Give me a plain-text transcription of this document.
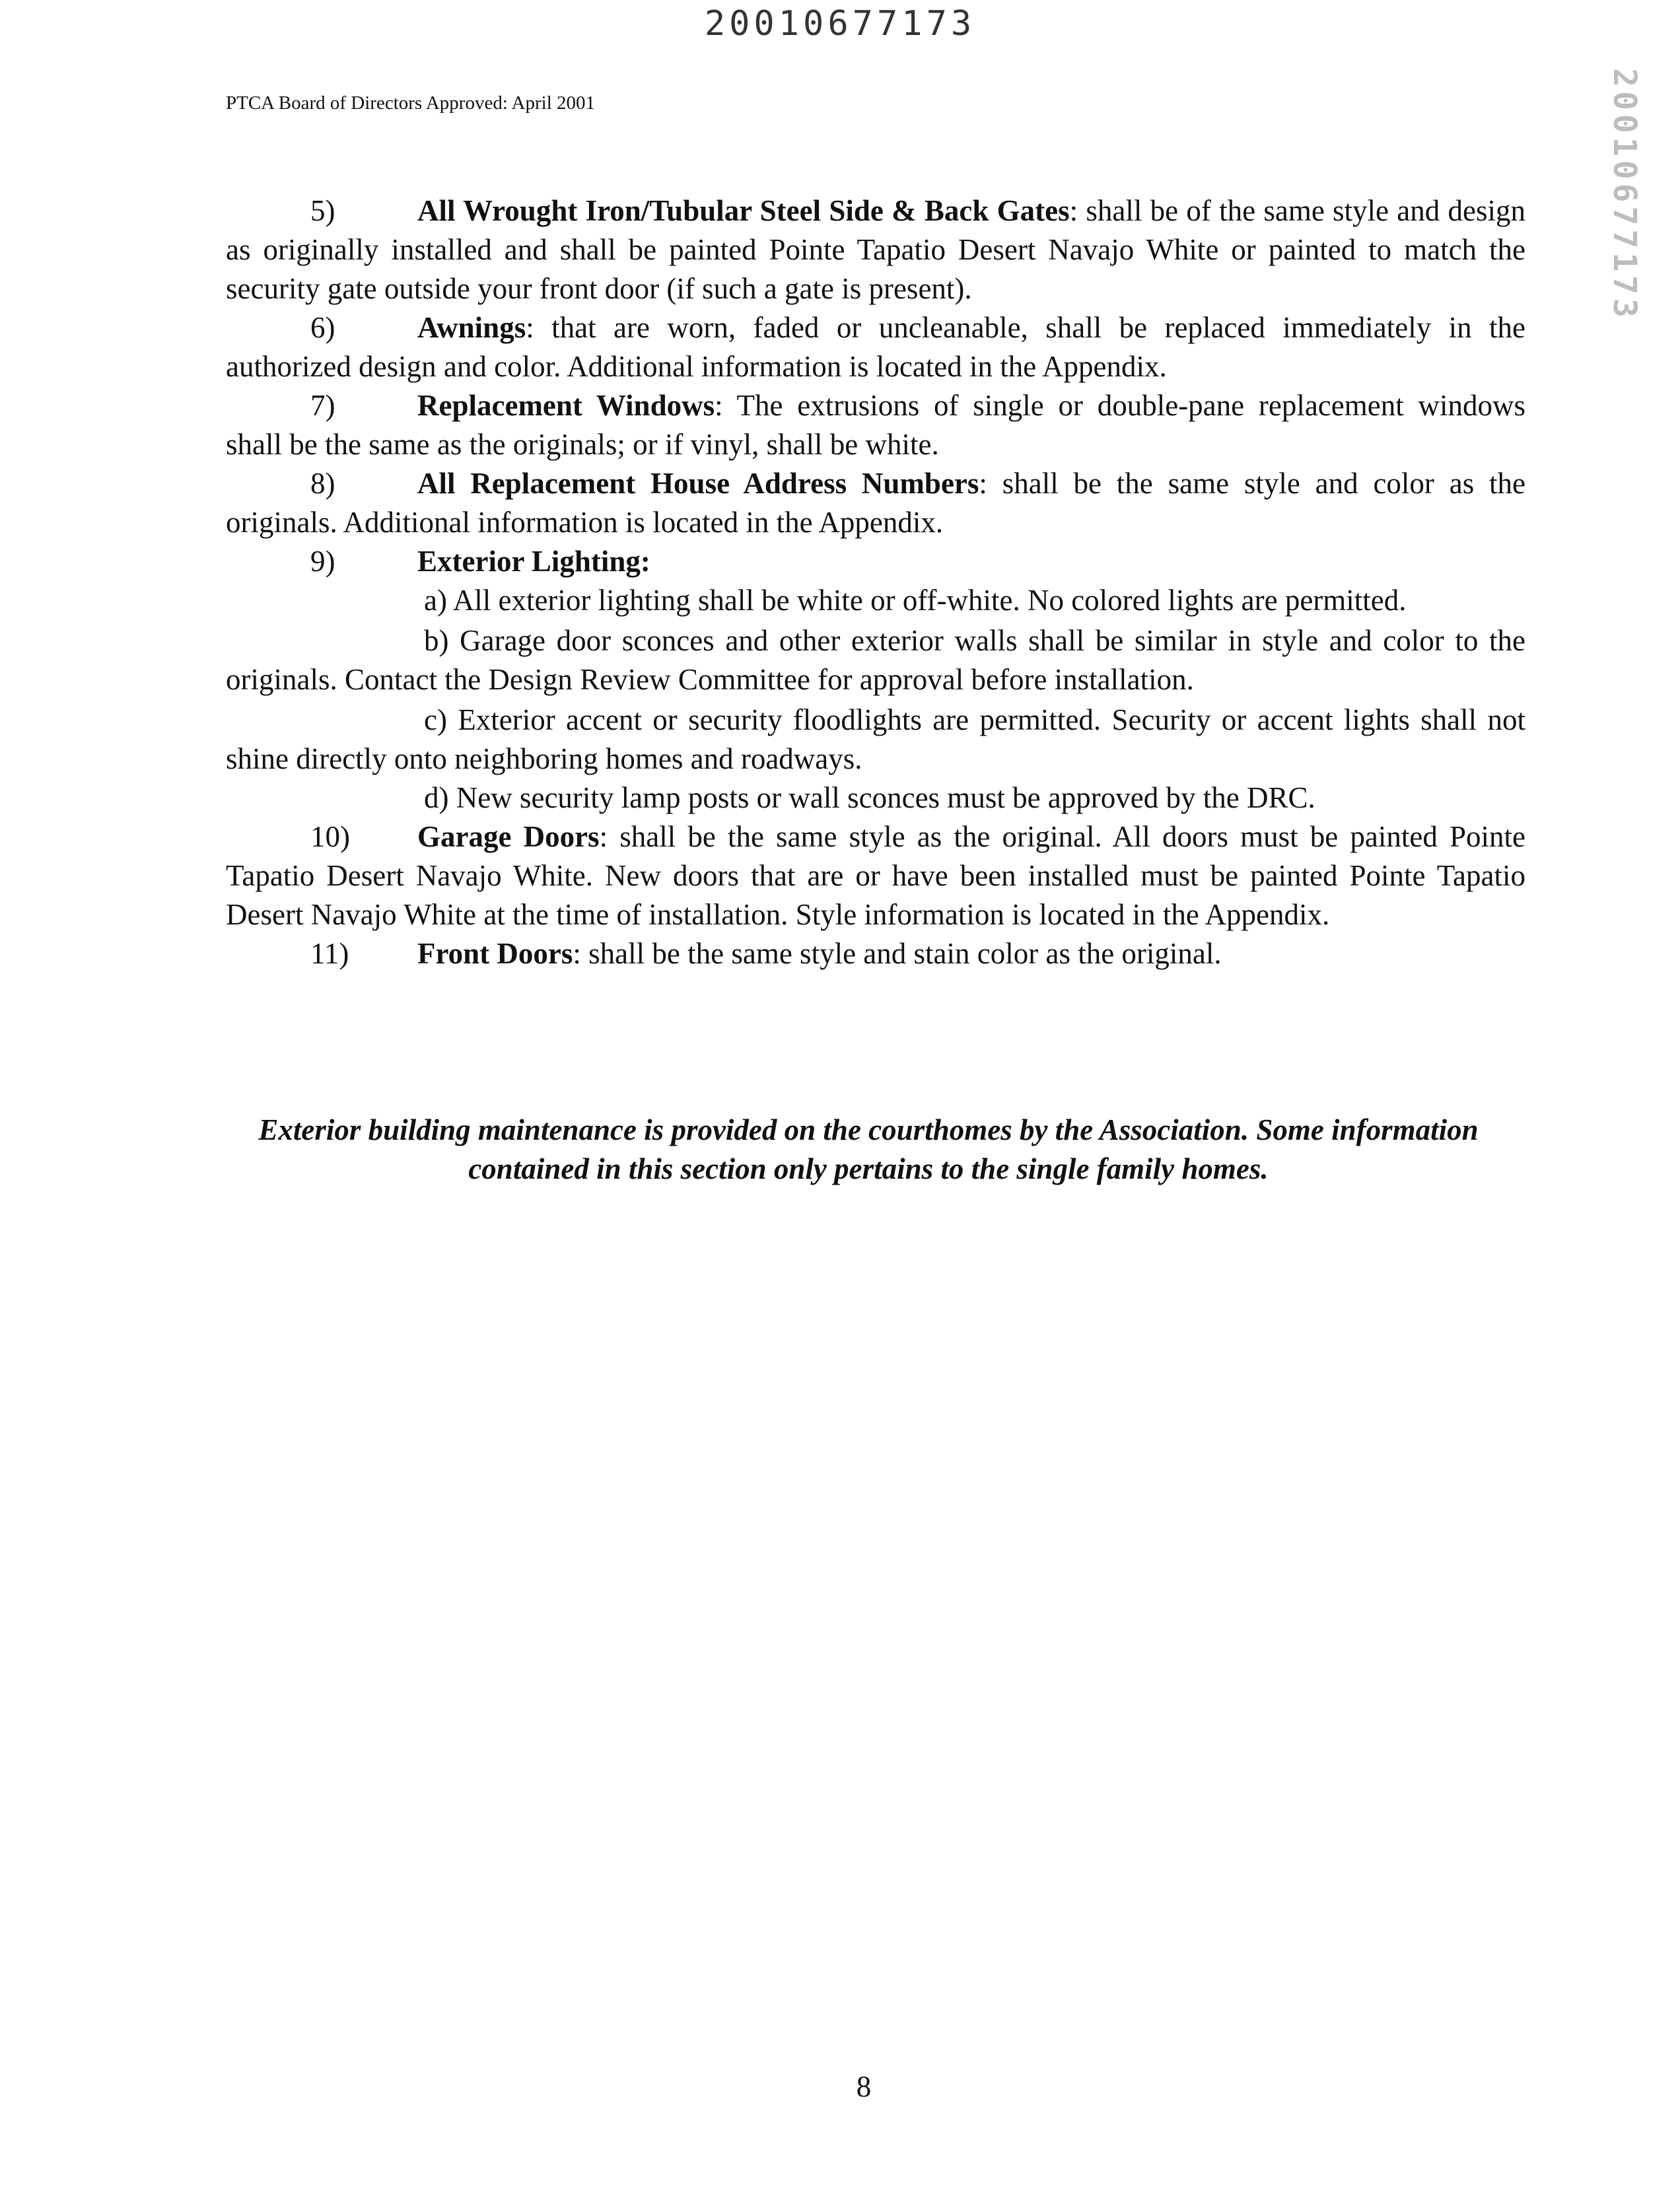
20010677173
PTCA Board of Directors Approved: April 2001	20010677173

5)	All Wrought Iron/Tubular Steel Side & Back Gates: shall be of the same style and design as originally installed and shall be painted Pointe Tapatio Desert Navajo White or painted to match the security gate outside your front door (if such a gate is present).

6)	Awnings: that are worn, faded or uncleanable, shall be replaced immediately in the authorized design and color. Additional information is located in the Appendix.

7)	Replacement Windows: The extrusions of single or double-pane replacement windows shall be the same as the originals; or if vinyl, shall be white.

8)	All Replacement House Address Numbers: shall be the same style and color as the originals. Additional information is located in the Appendix.

9)	Exterior Lighting:

a) All exterior lighting shall be white or off-white. No colored lights are permitted.

b) Garage door sconces and other exterior walls shall be similar in style and color to the originals. Contact the Design Review Committee for approval before installation.

c) Exterior accent or security floodlights are permitted. Security or accent lights shall not shine directly onto neighboring homes and roadways.

d) New security lamp posts or wall sconces must be approved by the DRC.

10) Garage Doors: shall be the same style as the original. All doors must be painted Pointe Tapatio Desert Navajo White. New doors that are or have been installed must be painted Pointe Tapatio Desert Navajo White at the time of installation. Style information is located in the Appendix.

11) Front Doors: shall be the same style and stain color as the original.

Exterior building maintenance is provided on the courthomes by the Association. Some information contained in this section only pertains to the single family homes.
8
